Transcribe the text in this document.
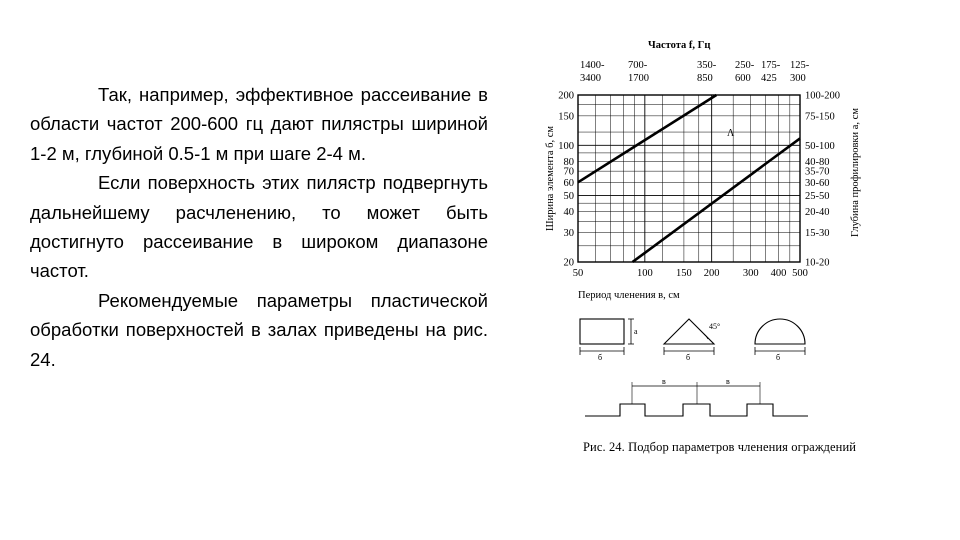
Так, например, эффективное рассеивание в области частот 200-600 гц дают пилястры шириной 1-2 м, глубиной 0.5-1 м при шаге 2-4 м.

Если поверхность этих пилястр подвергнуть дальнейшему расчленению, то может быть достигнуто рассеивание в широком диапазоне частот.

Рекомендуемые параметры пластической обработки поверхностей в залах приведены на рис. 24.

50	100 150 200 300 400 500
20
30
40
50
60
70
80
100
150
200	100-200
75-150
50-100
40-80
35-70
30-60
25-50
20-40
15-30
10-20
1400-
3400
700-
1700
350-
850
250-
600
175-
425
125-
300
Частота f, Гц
Период членения в, см
Ширина элемента б, см	Глубина профилировки а, см
Λ
а
б
45°
б	б
в	в
Рис. 24. Подбор параметров членения ограждений
